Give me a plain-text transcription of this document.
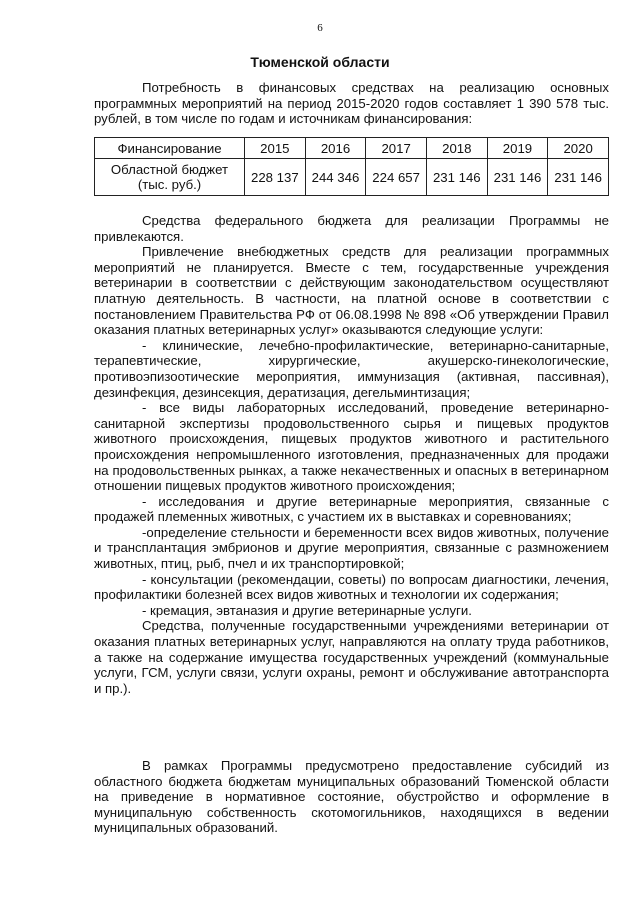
6
Тюменской области

Потребность в финансовых средствах на реализацию основных программных мероприятий на период 2015-2020 годов составляет 1 390 578 тыс. рублей, в том числе по годам и источникам финансирования:

Финансирование	2015	2016	2017	2018	2019	2020
Областной бюджет
(тыс. руб.)	228 137	244 346	224 657	231 146	231 146	231 146

Средства федерального бюджета для реализации Программы не привлекаются.

Привлечение внебюджетных средств для реализации программных мероприятий не планируется. Вместе с тем, государственные учреждения ветеринарии в соответствии с действующим законодательством осуществляют платную деятельность. В частности, на платной основе в соответствии с постановлением Правительства РФ от 06.08.1998 № 898 «Об утверждении Правил оказания платных ветеринарных услуг» оказываются следующие услуги:

- клинические, лечебно-профилактические, ветеринарно-санитарные, терапевтические, хирургические, акушерско-гинекологические, противоэпизоотические мероприятия, иммунизация (активная, пассивная), дезинфекция, дезинсекция, дератизация, дегельминтизация;

- все виды лабораторных исследований, проведение ветеринарно-санитарной экспертизы продовольственного сырья и пищевых продуктов животного происхождения, пищевых продуктов животного и растительного происхождения непромышленного изготовления, предназначенных для продажи на продовольственных рынках, а также некачественных и опасных в ветеринарном отношении пищевых продуктов животного происхождения;

- исследования и другие ветеринарные мероприятия, связанные с продажей племенных животных, с участием их в выставках и соревнованиях;

-определение стельности и беременности всех видов животных, получение и трансплантация эмбрионов и другие мероприятия, связанные с размножением животных, птиц, рыб, пчел и их транспортировкой;

- консультации (рекомендации, советы) по вопросам диагностики, лечения, профилактики болезней всех видов животных и технологии их содержания;

- кремация, эвтаназия и другие ветеринарные услуги.

Средства, полученные государственными учреждениями ветеринарии от оказания платных ветеринарных услуг, направляются на оплату труда работников, а также на содержание имущества государственных учреждений (коммунальные услуги, ГСМ, услуги связи, услуги охраны, ремонт и обслуживание автотранспорта и пр.).

В рамках Программы предусмотрено предоставление субсидий из областного бюджета бюджетам муниципальных образований Тюменской области на приведение в нормативное состояние, обустройство и оформление в муниципальную собственность скотомогильников, находящихся в ведении муниципальных образований.
